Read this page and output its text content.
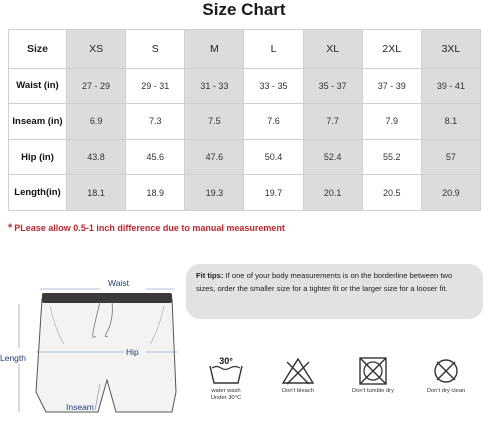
Size Chart
Size	XS	S	M	L	XL	2XL	3XL
Waist (in)	27 - 29	29 - 31	31 - 33	33 - 35	35 - 37	37 - 39	39 - 41
Inseam (in)	6.9	7.3	7.5	7.6	7.7	7.9	8.1
Hip (in)	43.8	45.6	47.6	50.4	52.4	55.2	57
Length(in)	18.1	18.9	19.3	19.7	20.1	20.5	20.9
* PLease allow 0.5-1 inch difference due to manual measurement
Fit tips: If one of your body measurements is on the borderline between two sizes, order the smaller size for a tighter fit or the larger size for a looser fit.
Waist
Length
Hip
Inseam
30°
water wash
Under 30°C
Don't bleach	Don't tumble dry	Don't dry clean
